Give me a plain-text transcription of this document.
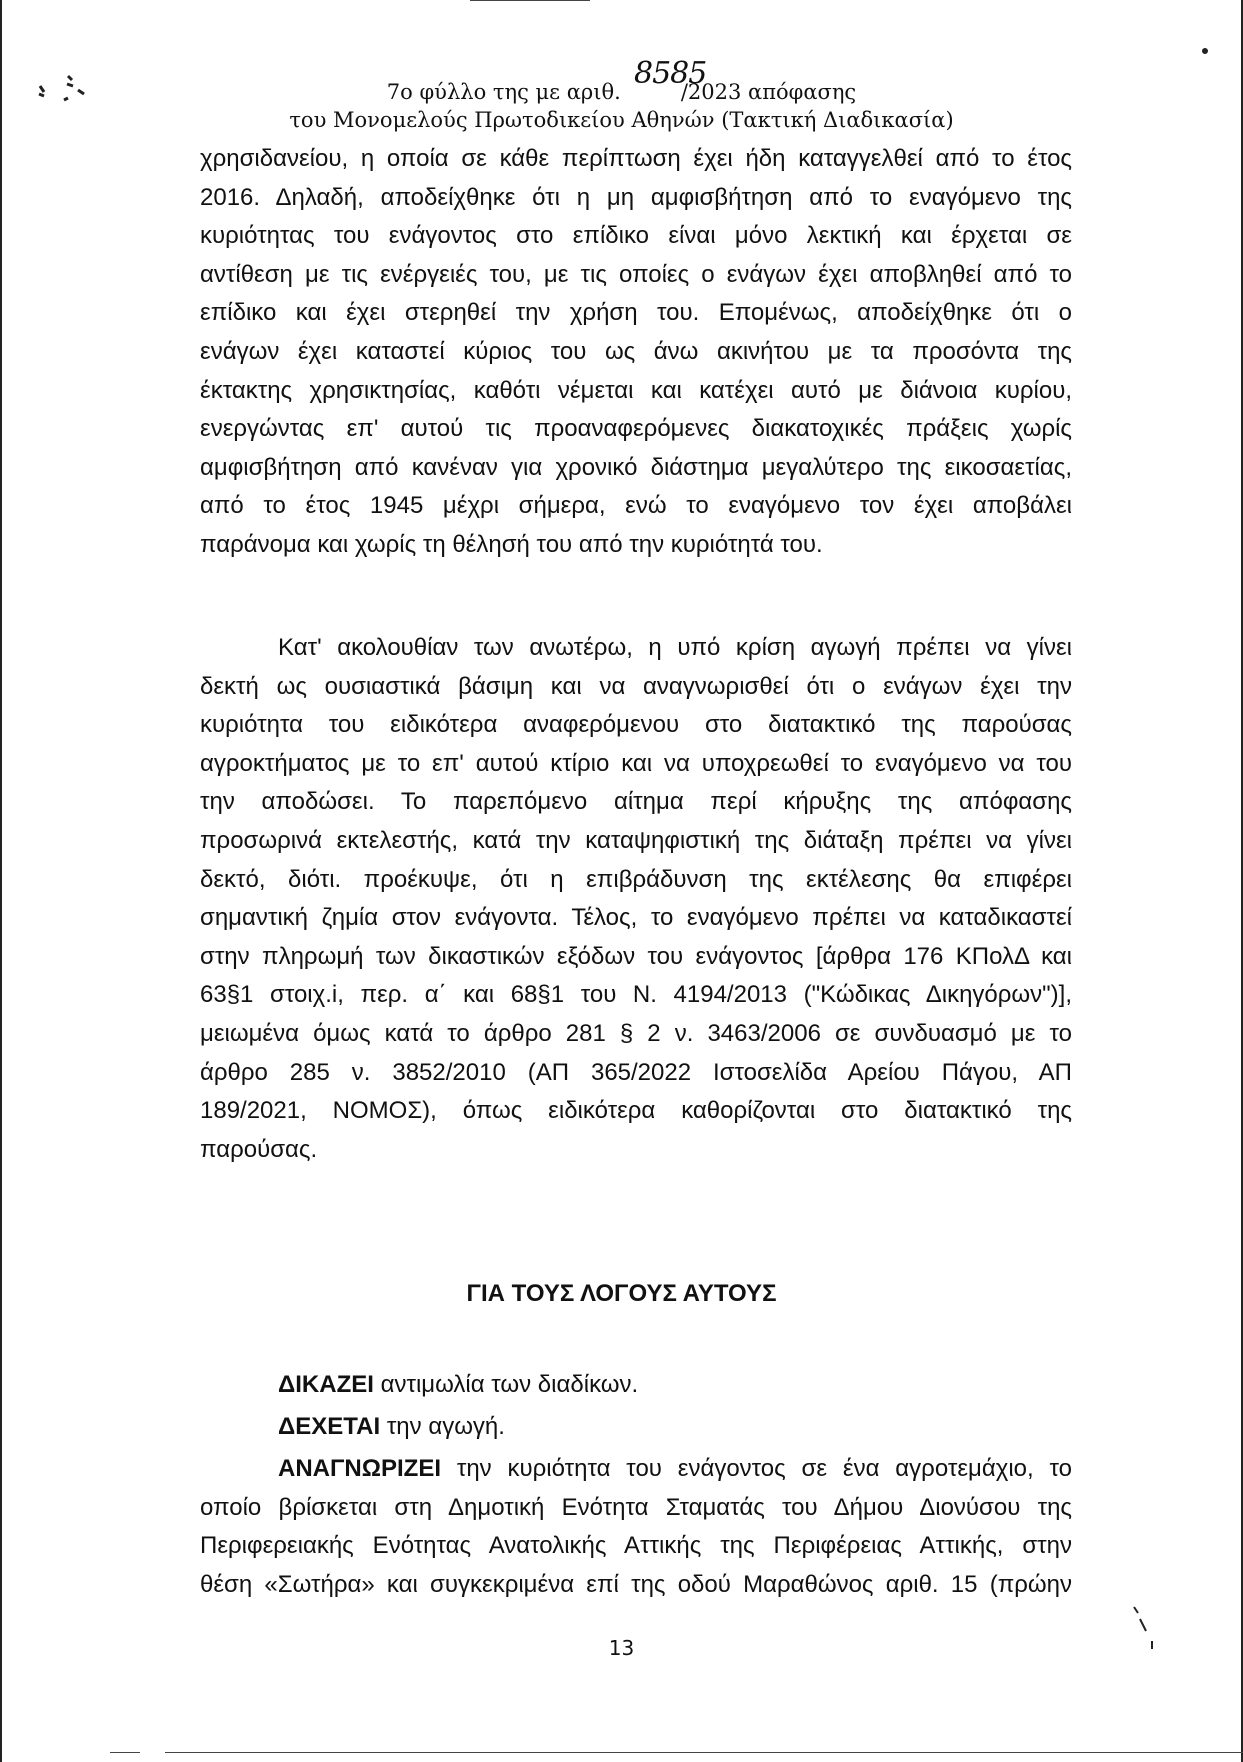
7ο φύλλο της με αριθ.	/2023 απόφασης
8585
του Μονομελούς Πρωτοδικείου Αθηνών (Τακτική Διαδικασία)
χρησιδανείου, η οποία σε κάθε περίπτωση έχει ήδη καταγγελθεί από το έτος
2016. Δηλαδή, αποδείχθηκε ότι η μη αμφισβήτηση από το εναγόμενο της
κυριότητας του ενάγοντος στο επίδικο είναι μόνο λεκτική και έρχεται σε
αντίθεση με τις ενέργειές του, με τις οποίες ο ενάγων έχει αποβληθεί από το
επίδικο και έχει στερηθεί την χρήση του. Επομένως, αποδείχθηκε ότι ο
ενάγων έχει καταστεί κύριος του ως άνω ακινήτου με τα προσόντα της
έκτακτης χρησικτησίας, καθότι νέμεται και κατέχει αυτό με διάνοια κυρίου,
ενεργώντας επ' αυτού τις προαναφερόμενες διακατοχικές πράξεις χωρίς
αμφισβήτηση από κανέναν για χρονικό διάστημα μεγαλύτερο της εικοσαετίας,
από το έτος 1945 μέχρι σήμερα, ενώ το εναγόμενο τον έχει αποβάλει
παράνομα και χωρίς τη θέλησή του από την κυριότητά του.
Κατ' ακολουθίαν των ανωτέρω, η υπό κρίση αγωγή πρέπει να γίνει
δεκτή ως ουσιαστικά βάσιμη και να αναγνωρισθεί ότι ο ενάγων έχει την
κυριότητα του ειδικότερα αναφερόμενου στο διατακτικό της παρούσας
αγροκτήματος με το επ' αυτού κτίριο και να υποχρεωθεί το εναγόμενο να του
την αποδώσει. Το παρεπόμενο αίτημα περί κήρυξης της απόφασης
προσωρινά εκτελεστής, κατά την καταψηφιστική της διάταξη πρέπει να γίνει
δεκτό, διότι. προέκυψε, ότι η επιβράδυνση της εκτέλεσης θα επιφέρει
σημαντική ζημία στον ενάγοντα. Τέλος, το εναγόμενο πρέπει να καταδικαστεί
στην πληρωμή των δικαστικών εξόδων του ενάγοντος [άρθρα 176 ΚΠολΔ και
63§1 στοιχ.i, περ. α΄ και 68§1 του Ν. 4194/2013 ("Κώδικας Δικηγόρων")],
μειωμένα όμως κατά το άρθρο 281 § 2 ν. 3463/2006 σε συνδυασμό με το
άρθρο 285 ν. 3852/2010 (ΑΠ 365/2022 Ιστοσελίδα Αρείου Πάγου, ΑΠ
189/2021, ΝΟΜΟΣ), όπως ειδικότερα καθορίζονται στο διατακτικό της
παρούσας.
ΓΙΑ ΤΟΥΣ ΛΟΓΟΥΣ ΑΥΤΟΥΣ
ΔΙΚΑΖΕΙ αντιμωλία των διαδίκων.
ΔΕΧΕΤΑΙ την αγωγή.
ΑΝΑΓΝΩΡΙΖΕΙ την κυριότητα του ενάγοντος σε ένα αγροτεμάχιο, το
οποίο βρίσκεται στη Δημοτική Ενότητα Σταματάς του Δήμου Διονύσου της
Περιφερειακής Ενότητας Ανατολικής Αττικής της Περιφέρειας Αττικής, στην
θέση «Σωτήρα» και συγκεκριμένα επί της οδού Μαραθώνος αριθ. 15 (πρώην
13
